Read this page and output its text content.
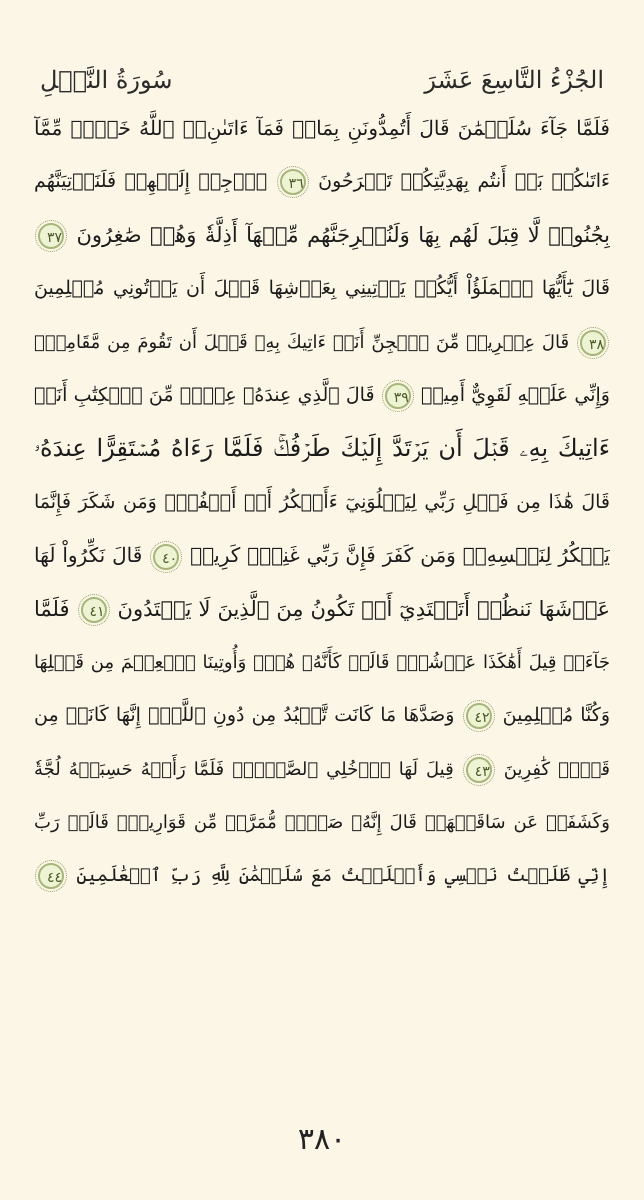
الجُزْءُ التَّاسِعَ عَشَرَ
سُورَةُ النَّمۡلِ
فَلَمَّا جَآءَ سُلَيۡمَٰنَ قَالَ أَتُمِدُّونَنِ بِمَالٖ فَمَآ ءَاتَىٰنِۦَ ٱللَّهُ خَيۡرٞ مِّمَّآ
ءَاتَىٰكُمۚ بَلۡ أَنتُم بِهَدِيَّتِكُمۡ تَفۡرَحُونَ ٣٦ ٱرۡجِعۡ إِلَيۡهِمۡ فَلَنَأۡتِيَنَّهُم
بِجُنُودٖ لَّا قِبَلَ لَهُم بِهَا وَلَنُخۡرِجَنَّهُم مِّنۡهَآ أَذِلَّةٗ وَهُمۡ صَٰغِرُونَ ٣٧
قَالَ يَٰٓأَيُّهَا ٱلۡمَلَؤُاْ أَيُّكُمۡ يَأۡتِينِي بِعَرۡشِهَا قَبۡلَ أَن يَأۡتُونِي مُسۡلِمِينَ
٣٨ قَالَ عِفۡرِيتٞ مِّنَ ٱلۡجِنِّ أَنَا۠ ءَاتِيكَ بِهِۦ قَبۡلَ أَن تَقُومَ مِن مَّقَامِكَۖ
وَإِنِّي عَلَيۡهِ لَقَوِيٌّ أَمِينٞ ٣٩ قَالَ ٱلَّذِي عِندَهُۥ عِلۡمٞ مِّنَ ٱلۡكِتَٰبِ أَنَا۠
ءَاتِيكَ بِهِۦ قَبۡلَ أَن يَرۡتَدَّ إِلَيۡكَ طَرۡفُكَۚ فَلَمَّا رَءَاهُ مُسۡتَقِرًّا عِندَهُۥ
قَالَ هَٰذَا مِن فَضۡلِ رَبِّي لِيَبۡلُوَنِيٓ ءَأَشۡكُرُ أَمۡ أَكۡفُرُۖ وَمَن شَكَرَ فَإِنَّمَا
يَشۡكُرُ لِنَفۡسِهِۦۖ وَمَن كَفَرَ فَإِنَّ رَبِّي غَنِيّٞ كَرِيمٞ ٤٠ قَالَ نَكِّرُواْ لَهَا
عَرۡشَهَا نَنظُرۡ أَتَهۡتَدِيٓ أَمۡ تَكُونُ مِنَ ٱلَّذِينَ لَا يَهۡتَدُونَ ٤١ فَلَمَّا
جَآءَتۡ قِيلَ أَهَٰكَذَا عَرۡشُكِۖ قَالَتۡ كَأَنَّهُۥ هُوَۚ وَأُوتِينَا ٱلۡعِلۡمَ مِن قَبۡلِهَا
وَكُنَّا مُسۡلِمِينَ ٤٢ وَصَدَّهَا مَا كَانَت تَّعۡبُدُ مِن دُونِ ٱللَّهِۖ إِنَّهَا كَانَتۡ مِن
قَوۡمٖ كَٰفِرِينَ ٤٣ قِيلَ لَهَا ٱدۡخُلِي ٱلصَّرۡحَۖ فَلَمَّا رَأَتۡهُ حَسِبَتۡهُ لُجَّةٗ
وَكَشَفَتۡ عَن سَاقَيۡهَاۚ قَالَ إِنَّهُۥ صَرۡحٞ مُّمَرَّدٞ مِّن قَوَارِيرَۗ قَالَتۡ رَبِّ
إِنِّي ظَلَمۡتُ نَفۡسِي وَأَسۡلَمۡتُ مَعَ سُلَيۡمَٰنَ لِلَّهِ رَبِّ ٱلۡعَٰلَمِينَ ٤٤
٣٨٠
